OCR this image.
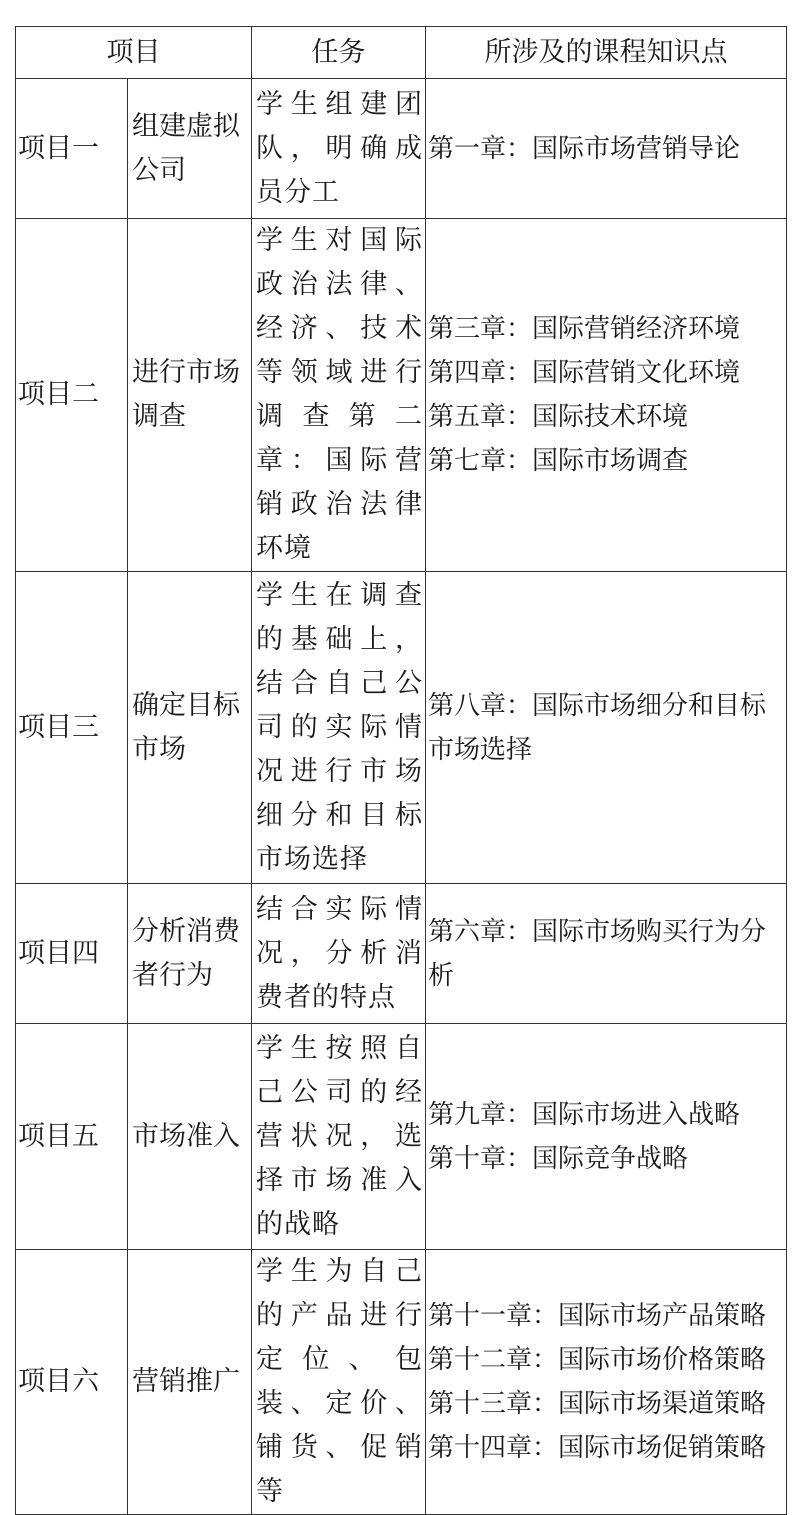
项目		任务	所涉及的课程知识点
项目一	组建虚拟公司	学生组建团队，明确成员分工	第一章：国际市场营销导论

项目二	进行市场调查	学生对国际政治法律、经济、技术等领域进行调查第二章：国际营销政治法律环境	第三章：国际营销经济环境
第四章：国际营销文化环境
第五章：国际技术环境
第七章：国际市场调查

项目三	确定目标市场	学生在调查的基础上，结合自己公司的实际情况进行市场细分和目标市场选择	第八章：国际市场细分和目标市场选择

项目四	分析消费者行为	结合实际情况，分析消费者的特点	第六章：国际市场购买行为分析

项目五	市场准入	学生按照自己公司的经营状况，选择市场准入的战略	第九章：国际市场进入战略
第十章：国际竞争战略

项目六	营销推广	学生为自己的产品进行定位、包装、定价、铺货、促销等	第十一章：国际市场产品策略
第十二章：国际市场价格策略
第十三章：国际市场渠道策略
第十四章：国际市场促销策略
